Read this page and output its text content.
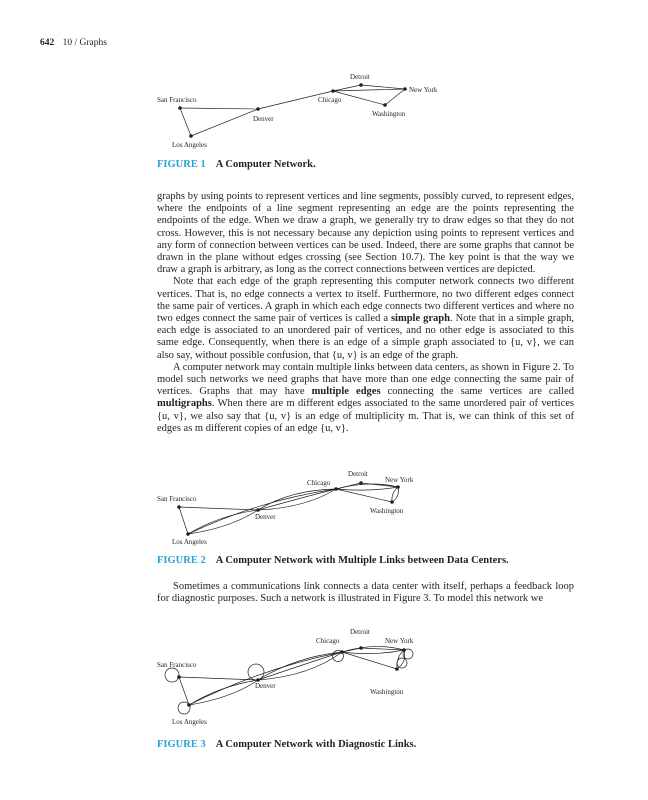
642 10 / Graphs
Detroit
New York
San Francisco	Chicago
Denver
Washington
Los Angeles
FIGURE 1 A Computer Network.

graphs by using points to represent vertices and line segments, possibly curved, to represent edges, where the endpoints of a line segment representing an edge are the points representing the endpoints of the edge. When we draw a graph, we generally try to draw edges so that they do not cross. However, this is not necessary because any depiction using points to represent vertices and any form of connection between vertices can be used. Indeed, there are some graphs that cannot be drawn in the plane without edges crossing (see Section 10.7). The key point is that the way we draw a graph is arbitrary, as long as the correct connections between vertices are depicted.

Note that each edge of the graph representing this computer network connects two different vertices. That is, no edge connects a vertex to itself. Furthermore, no two different edges connect the same pair of vertices. A graph in which each edge connects two different vertices and where no two edges connect the same pair of vertices is called a simple graph. Note that in a simple graph, each edge is associated to an unordered pair of vertices, and no other edge is associated to this same edge. Consequently, when there is an edge of a simple graph associated to {u, v}, we can also say, without possible confusion, that {u, v} is an edge of the graph.

A computer network may contain multiple links between data centers, as shown in Figure 2. To model such networks we need graphs that have more than one edge connecting the same pair of vertices. Graphs that may have multiple edges connecting the same vertices are called multigraphs. When there are m different edges associated to the same unordered pair of vertices {u, v}, we also say that {u, v} is an edge of multiplicity m. That is, we can think of this set of edges as m different copies of an edge {u, v}.

Detroit
Chicago	New York
San Francisco
Denver
Washington
Los Angeles
FIGURE 2 A Computer Network with Multiple Links between Data Centers.

Sometimes a communications link connects a data center with itself, perhaps a feedback loop for diagnostic purposes. Such a network is illustrated in Figure 3. To model this network we

Detroit
Chicago	New York
San Francisco
Denver
Washington
Los Angeles
FIGURE 3 A Computer Network with Diagnostic Links.
